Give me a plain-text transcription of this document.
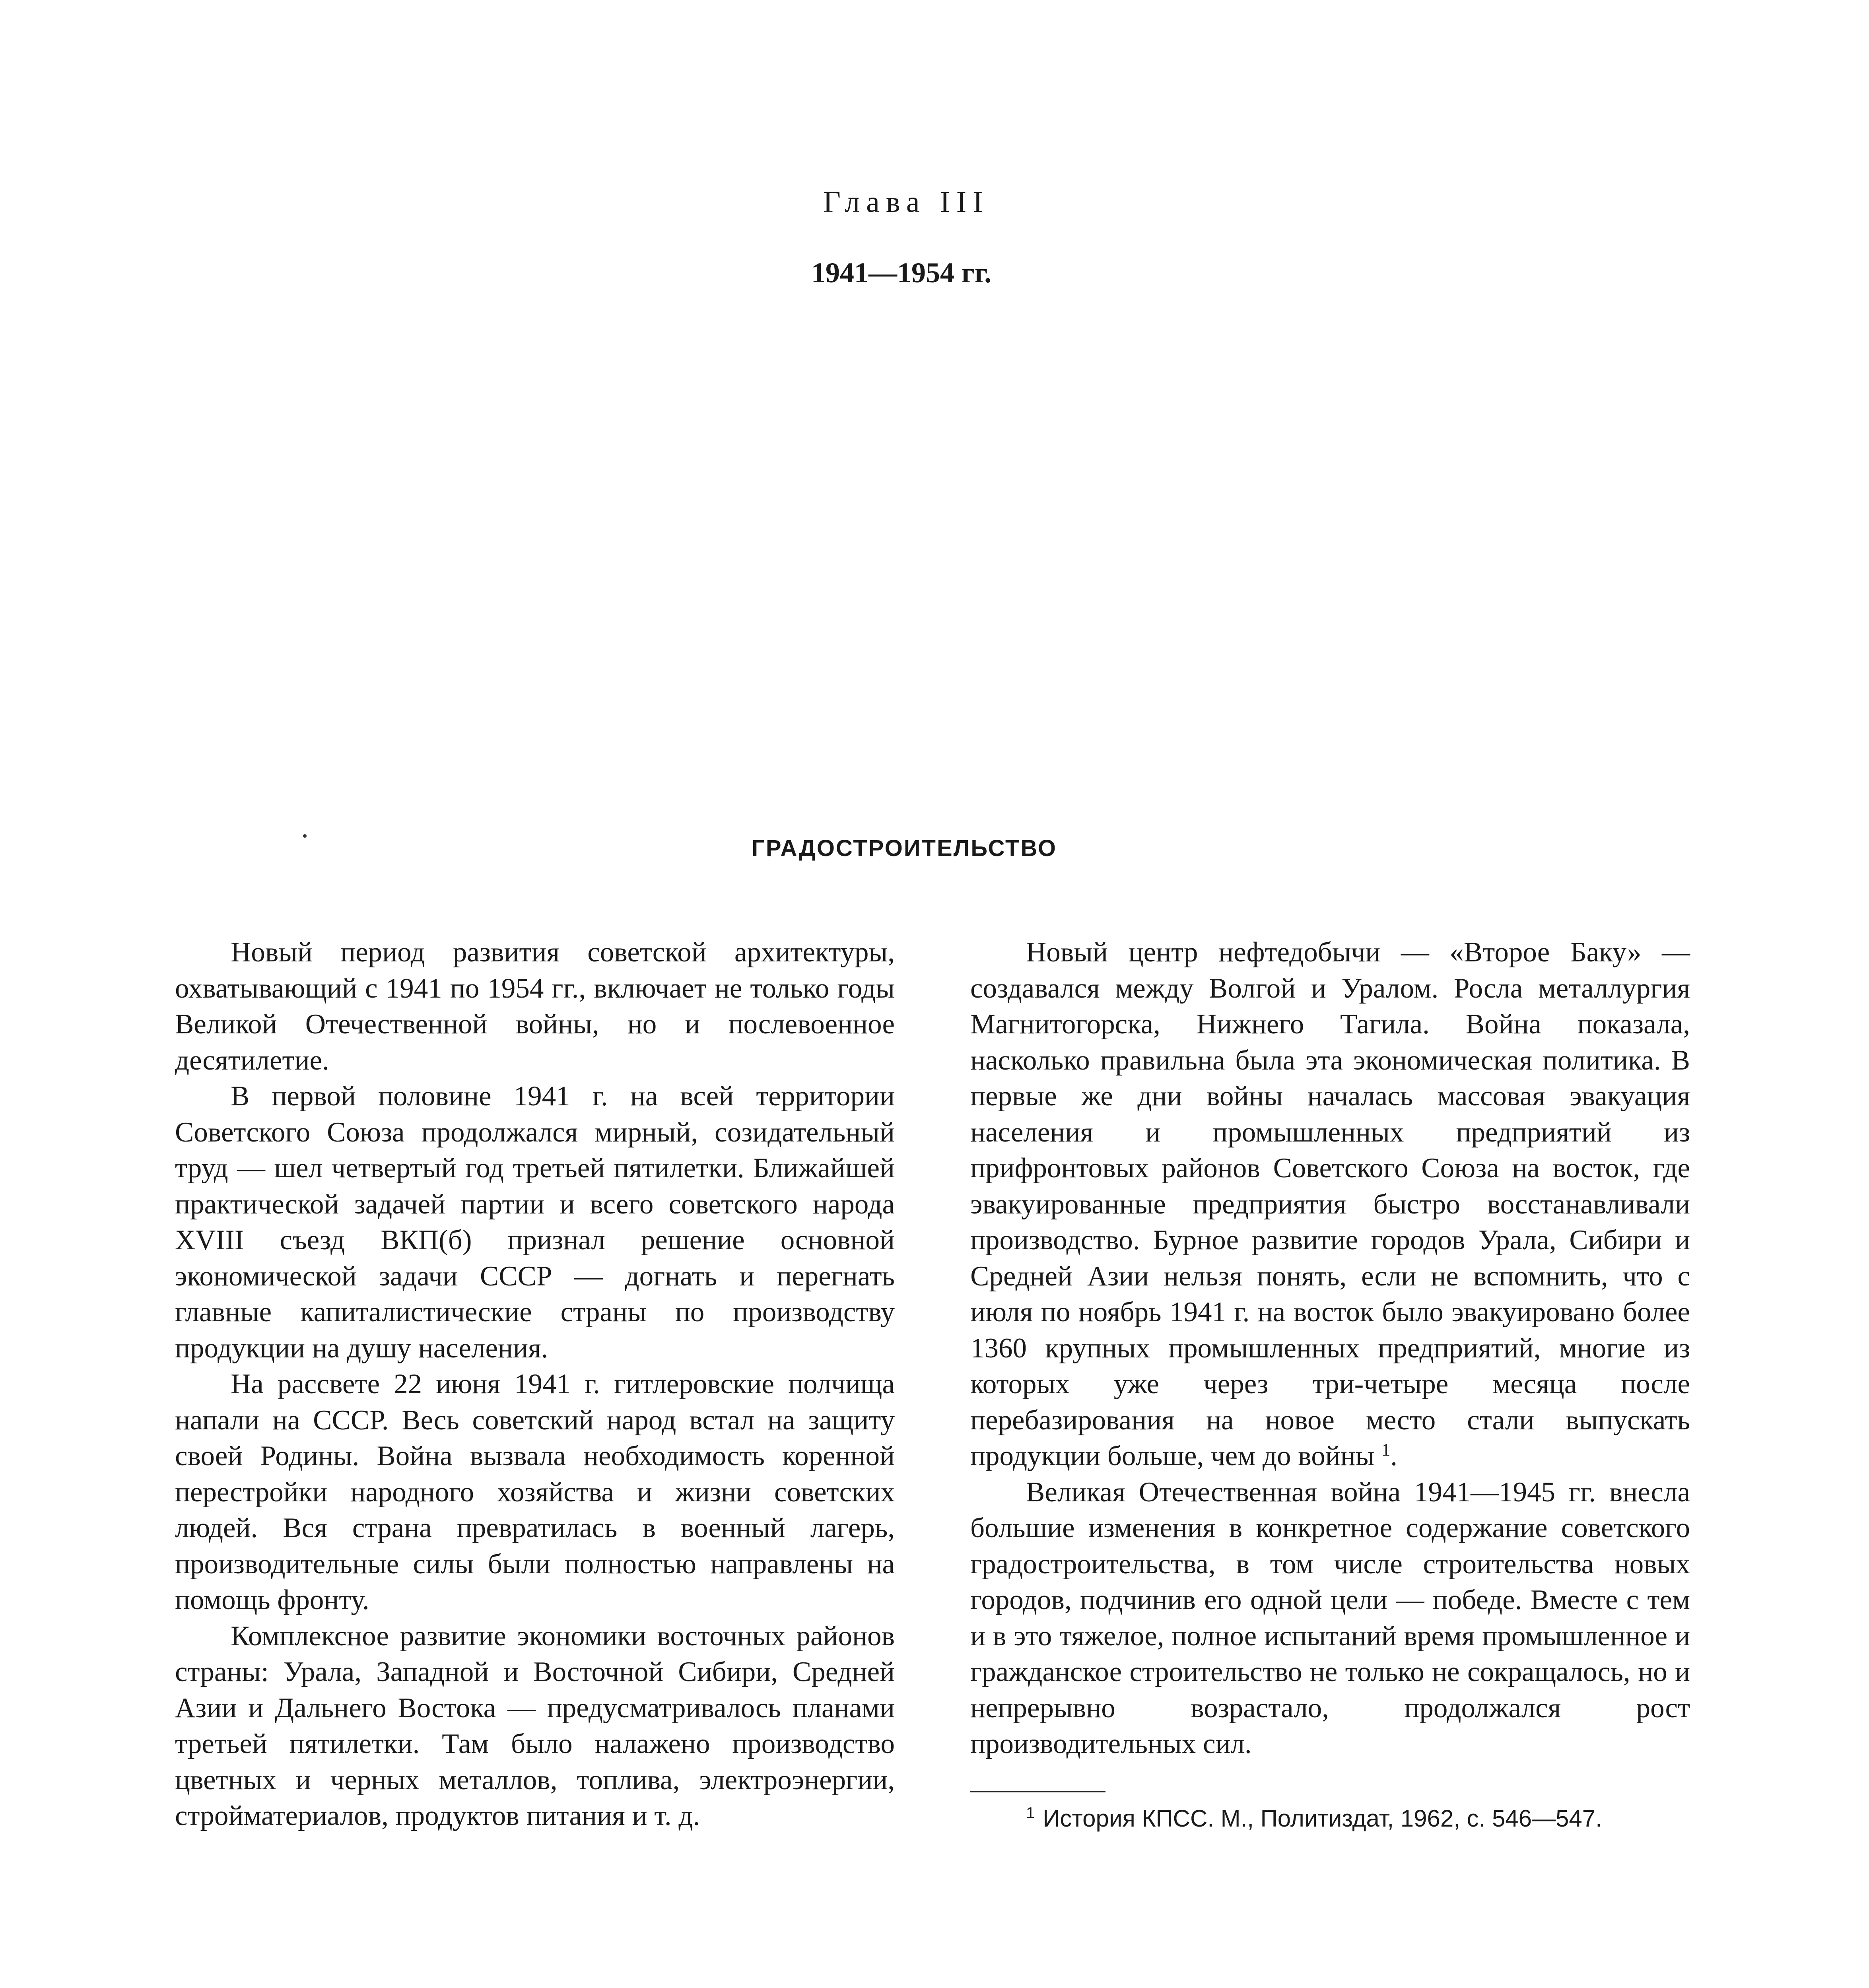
Глава III
1941—1954 гг.
ГРАДОСТРОИТЕЛЬСТВО

Новый период развития советской архитектуры, охватывающий с 1941 по 1954 гг., включает не только годы Великой Отечественной войны, но и послевоенное десятилетие.

В первой половине 1941 г. на всей территории Советского Союза продолжался мирный, созидательный труд — шел четвертый год третьей пятилетки. Ближайшей практической задачей партии и всего советского народа XVIII съезд ВКП(б) признал решение основной экономической задачи СССР — догнать и перегнать главные капиталистические страны по производству продукции на душу населения.

На рассвете 22 июня 1941 г. гитлеровские полчища напали на СССР. Весь советский народ встал на защиту своей Родины. Война вызвала необходимость коренной перестройки народного хозяйства и жизни советских людей. Вся страна превратилась в военный лагерь, производительные силы были полностью направлены на помощь фронту.

Комплексное развитие экономики восточных районов страны: Урала, Западной и Восточной Сибири, Средней Азии и Дальнего Востока — предусматривалось планами третьей пятилетки. Там было налажено производство цветных и черных металлов, топлива, электроэнергии, стройматериалов, продуктов питания и т. д.

Новый центр нефтедобычи — «Второе Баку» — создавался между Волгой и Уралом. Росла металлургия Магнитогорска, Нижнего Тагила. Война показала, насколько правильна была эта экономическая политика. В первые же дни войны началась массовая эвакуация населения и промышленных предприятий из прифронтовых районов Советского Союза на восток, где эвакуированные предприятия быстро восстанавливали производство. Бурное развитие городов Урала, Сибири и Средней Азии нельзя понять, если не вспомнить, что с июля по ноябрь 1941 г. на восток было эвакуировано более 1360 крупных промышленных предприятий, многие из которых уже через три-четыре месяца после перебазирования на новое место стали выпускать продукции больше, чем до войны $^1$.

Великая Отечественная война 1941—1945 гг. внесла большие изменения в конкретное содержание советского градостроительства, в том числе строительства новых городов, подчинив его одной цели — победе. Вместе с тем и в это тяжелое, полное испытаний время промышленное и гражданское строительство не только не сокращалось, но и непрерывно возрастало, продолжался рост производительных сил.

$^1$ История КПСС. М., Политиздат, 1962, с. 546—547.
